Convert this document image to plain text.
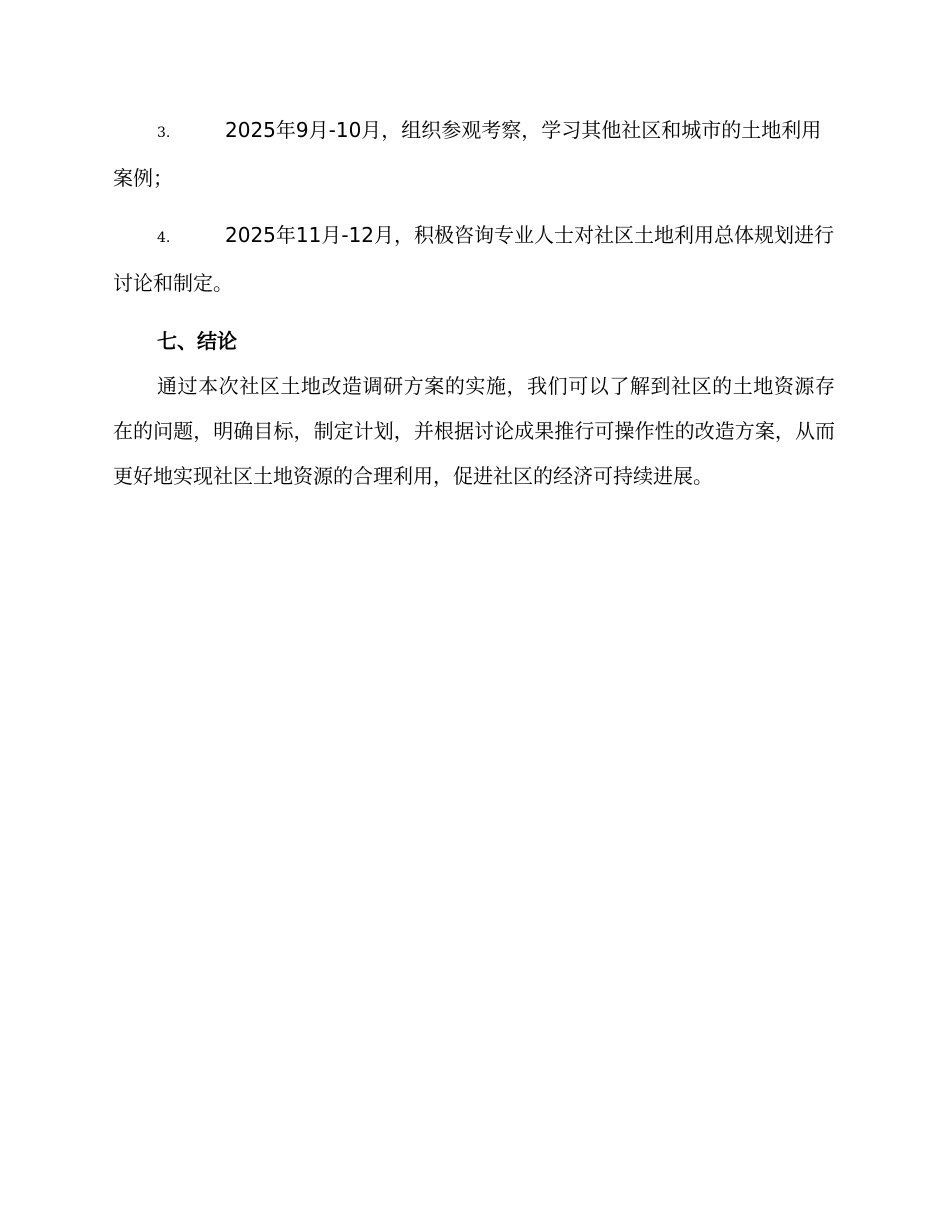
3.	2025年9月-10月，组织参观考察，学习其他社区和城市的土地利用案例；

4.	2025年11月-12月，积极咨询专业人士对社区土地利用总体规划进行讨论和制定。

七、结论

通过本次社区土地改造调研方案的实施，我们可以了解到社区的土地资源存在的问题，明确目标，制定计划，并根据讨论成果推行可操作性的改造方案，从而更好地实现社区土地资源的合理利用，促进社区的经济可持续进展。
